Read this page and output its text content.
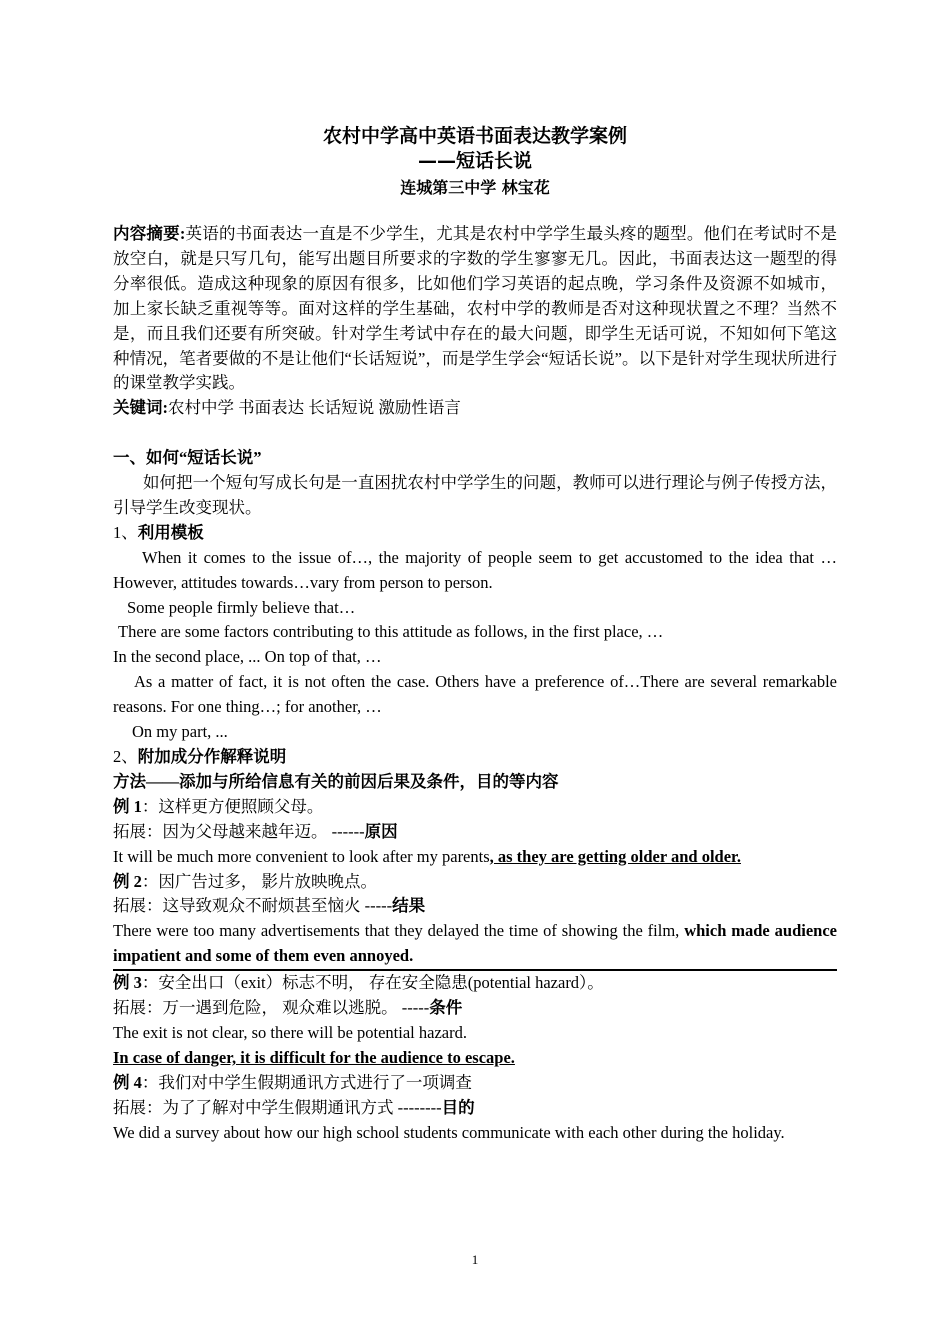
农村中学高中英语书面表达教学案例
——短话长说
连城第三中学 林宝花

内容摘要:英语的书面表达一直是不少学生，尤其是农村中学学生最头疼的题型。他们在考试时不是放空白，就是只写几句，能写出题目所要求的字数的学生寥寥无几。因此，书面表达这一题型的得分率很低。造成这种现象的原因有很多，比如他们学习英语的起点晚，学习条件及资源不如城市，加上家长缺乏重视等等。面对这样的学生基础，农村中学的教师是否对这种现状置之不理？当然不是，而且我们还要有所突破。针对学生考试中存在的最大问题，即学生无话可说，不知如何下笔这种情况，笔者要做的不是让他们“长话短说”，而是学生学会“短话长说”。以下是针对学生现状所进行的课堂教学实践。

关键词:农村中学 书面表达 长话短说 激励性语言

一、如何“短话长说”

如何把一个短句写成长句是一直困扰农村中学学生的问题，教师可以进行理论与例子传授方法，引导学生改变现状。

1、利用模板

When it comes to the issue of…, the majority of people seem to get accustomed to the idea that … However, attitudes towards…vary from person to person.

Some people firmly believe that…

There are some factors contributing to this attitude as follows, in the first place, …

In the second place, ... On top of that, …

As a matter of fact, it is not often the case. Others have a preference of…There are several remarkable reasons. For one thing…; for another, …

On my part, ...

2、附加成分作解释说明

方法——添加与所给信息有关的前因后果及条件，目的等内容

例 1：这样更方便照顾父母。

拓展：因为父母越来越年迈。 ------原因

It will be much more convenient to look after my parents, as they are getting older and older.

例 2：因广告过多， 影片放映晚点。

拓展：这导致观众不耐烦甚至恼火 -----结果

There were too many advertisements that they delayed the time of showing the film, which made audience impatient and some of them even annoyed.

例 3：安全出口（exit）标志不明， 存在安全隐患(potential hazard）。

拓展：万一遇到危险， 观众难以逃脱。 -----条件

The exit is not clear, so there will be potential hazard.

In case of danger, it is difficult for the audience to escape.

例 4：我们对中学生假期通讯方式进行了一项调查

拓展：为了了解对中学生假期通讯方式 --------目的

We did a survey about how our high school students communicate with each other during the holiday.

1
